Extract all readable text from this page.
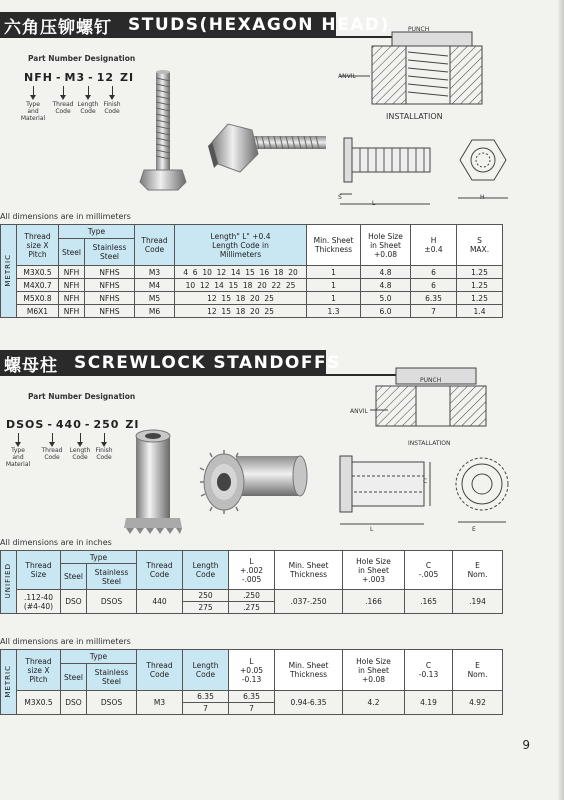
六角压铆螺钉 STUDS(HEXAGON HEAD)
Part Number Designation
NFH - M3 - 12 ZI
Type
and
Material
Thread
Code
Length
Code
Finish
Code
PUNCH
ANVIL
INSTALLATION
S
L
H
All dimensions are in millimeters
METRIC	Thread
size X
Pitch	Type		Thread
Code	Length" L" +0.4
Length Code in
Millimeters	Min. Sheet
Thickness	Hole Size
in Sheet
+0.08	H
±0.4	S
MAX.
		Steel	Stainless
Steel						
	M3X0.5	NFH	NFHS	M3	4  6  10  12  14  15  16  18  20	1	4.8	6	1.25
	M4X0.7	NFH	NFHS	M4	10  12  14  15  18  20  22  25	1	4.8	6	1.25
	M5X0.8	NFH	NFHS	M5	12  15  18  20  25	1	5.0	6.35	1.25
	M6X1	NFH	NFHS	M6	12  15  18  20  25	1.3	6.0	7	1.4
螺母柱 SCREWLOCK STANDOFFS
Part Number Designation
DSOS - 440 - 250 ZI
Type
and
Material
Thread
Code
Length
Code
Finish
Code
PUNCH
ANVIL
INSTALLATION
L
C
E
All dimensions are in inches
UNIFIED	Thread
Size	Type		Thread
Code	Length
Code	L
+.002
-.005	Min. Sheet
Thickness	Hole Size
in Sheet
+.003	C
-.005	E
Nom.
		Steel	Stainless
Steel							
	.112-40
(#4-40)	DSO	DSOS	440	250	.250	.037-.250	.166	.165	.194
					275	.275				
All dimensions are in millimeters
METRIC	Thread
size X
Pitch	Type		Thread
Code	Length
Code	L
+0.05
-0.13	Min. Sheet
Thickness	Hole Size
in Sheet
+0.08	C
-0.13	E
Nom.
		Steel	Stainless
Steel							
	M3X0.5	DSO	DSOS	M3	6.35	6.35	0.94-6.35	4.2	4.19	4.92
					7	7				
9
